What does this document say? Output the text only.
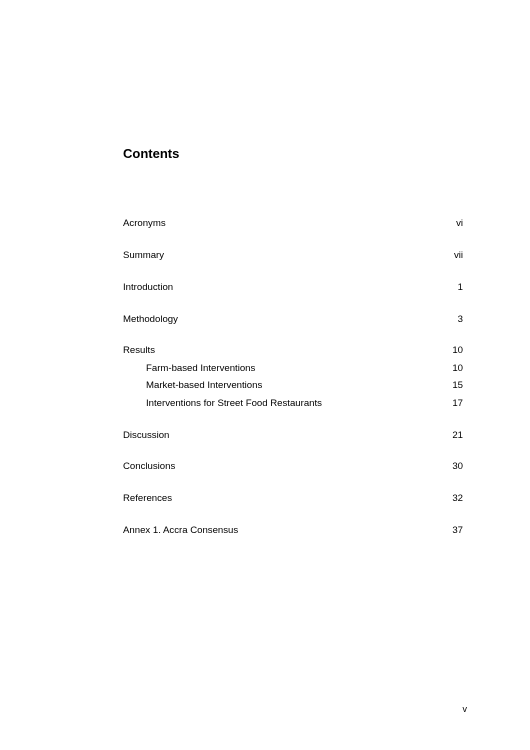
Contents
Acronyms	vi
Summary	vii
Introduction	1
Methodology	3
Results	10
Farm-based Interventions	10
Market-based Interventions	15
Interventions for Street Food Restaurants	17
Discussion	21
Conclusions	30
References	32
Annex 1. Accra Consensus	37
v
